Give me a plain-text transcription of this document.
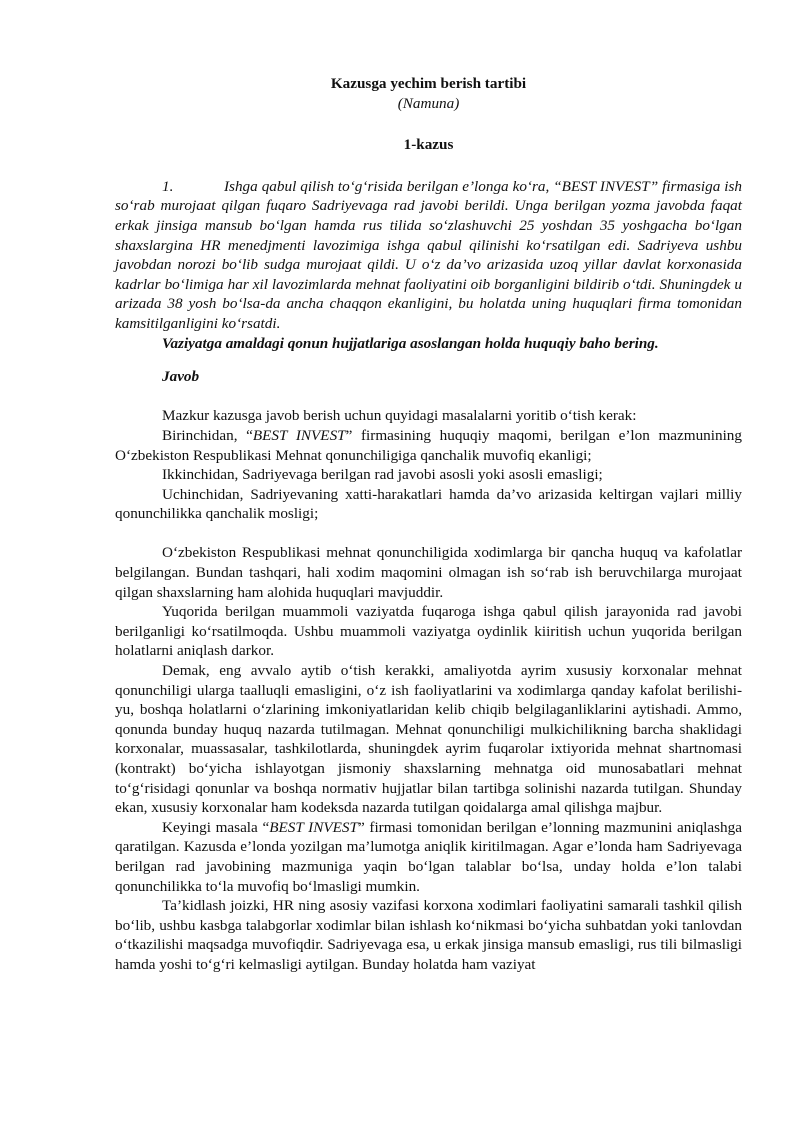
Kazusga yechim berish tartibi
(Namuna)
1-kazus

1.	Ishga qabul qilish to‘g‘risida berilgan e’longa ko‘ra, “BEST INVEST” firmasiga ish so‘rab murojaat qilgan fuqaro Sadriyevaga rad javobi berildi. Unga berilgan yozma javobda faqat erkak jinsiga mansub bo‘lgan hamda rus tilida so‘zlashuvchi 25 yoshdan 35 yoshgacha bo‘lgan shaxslargina HR menedjmenti lavozimiga ishga qabul qilinishi ko‘rsatilgan edi. Sadriyeva ushbu javobdan norozi bo‘lib sudga murojaat qildi. U o‘z da’vo arizasida uzoq yillar davlat korxonasida kadrlar bo‘limiga har xil lavozimlarda mehnat faoliyatini oib borganligini bildirib o‘tdi. Shuningdek u arizada 38 yosh bo‘lsa-da ancha chaqqon ekanligini, bu holatda uning huquqlari firma tomonidan kamsitilganligini ko‘rsatdi.

Vaziyatga amaldagi qonun hujjatlariga asoslangan holda huquqiy baho bering.

Javob

Mazkur kazusga javob berish uchun quyidagi masalalarni yoritib o‘tish kerak:

Birinchidan, “BEST INVEST” firmasining huquqiy maqomi, berilgan e’lon mazmunining O‘zbekiston Respublikasi Mehnat qonunchiligiga qanchalik muvofiq ekanligi;

Ikkinchidan, Sadriyevaga berilgan rad javobi asosli yoki asosli emasligi;

Uchinchidan, Sadriyevaning xatti-harakatlari hamda da’vo arizasida keltirgan vajlari milliy qonunchilikka qanchalik mosligi;

O‘zbekiston Respublikasi mehnat qonunchiligida xodimlarga bir qancha huquq va kafolatlar belgilangan. Bundan tashqari, hali xodim maqomini olmagan ish so‘rab ish beruvchilarga murojaat qilgan shaxslarning ham alohida huquqlari mavjuddir.

Yuqorida berilgan muammoli vaziyatda fuqaroga ishga qabul qilish jarayonida rad javobi berilganligi ko‘rsatilmoqda. Ushbu muammoli vaziyatga oydinlik kiiritish uchun yuqorida berilgan holatlarni aniqlash darkor.

Demak, eng avvalo aytib o‘tish kerakki, amaliyotda ayrim xususiy korxonalar mehnat qonunchiligi ularga taalluqli emasligini, o‘z ish faoliyatlarini va xodimlarga qanday kafolat berilishi-yu, boshqa holatlarni o‘zlarining imkoniyatlaridan kelib chiqib belgilaganliklarini aytishadi. Ammo, qonunda bunday huquq nazarda tutilmagan. Mehnat qonunchiligi mulkichilikning barcha shaklidagi korxonalar, muassasalar, tashkilotlarda, shuningdek ayrim fuqarolar ixtiyorida mehnat shartnomasi (kontrakt) bo‘yicha ishlayotgan jismoniy shaxslarning mehnatga oid munosabatlari mehnat to‘g‘risidagi qonunlar va boshqa normativ hujjatlar bilan tartibga solinishi nazarda tutilgan. Shunday ekan, xususiy korxonalar ham kodeksda nazarda tutilgan qoidalarga amal qilishga majbur.

Keyingi masala “BEST INVEST” firmasi tomonidan berilgan e’lonning mazmunini aniqlashga qaratilgan. Kazusda e’londa yozilgan ma’lumotga aniqlik kiritilmagan. Agar e’londa ham Sadriyevaga berilgan rad javobining mazmuniga yaqin bo‘lgan talablar bo‘lsa, unday holda e’lon talabi qonunchilikka to‘la muvofiq bo‘lmasligi mumkin.

Ta’kidlash joizki, HR ning asosiy vazifasi korxona xodimlari faoliyatini samarali tashkil qilish bo‘lib, ushbu kasbga talabgorlar xodimlar bilan ishlash ko‘nikmasi bo‘yicha suhbatdan yoki tanlovdan o‘tkazilishi maqsadga muvofiqdir. Sadriyevaga esa, u erkak jinsiga mansub emasligi, rus tili bilmasligi hamda yoshi to‘g‘ri kelmasligi aytilgan. Bunday holatda ham vaziyat
